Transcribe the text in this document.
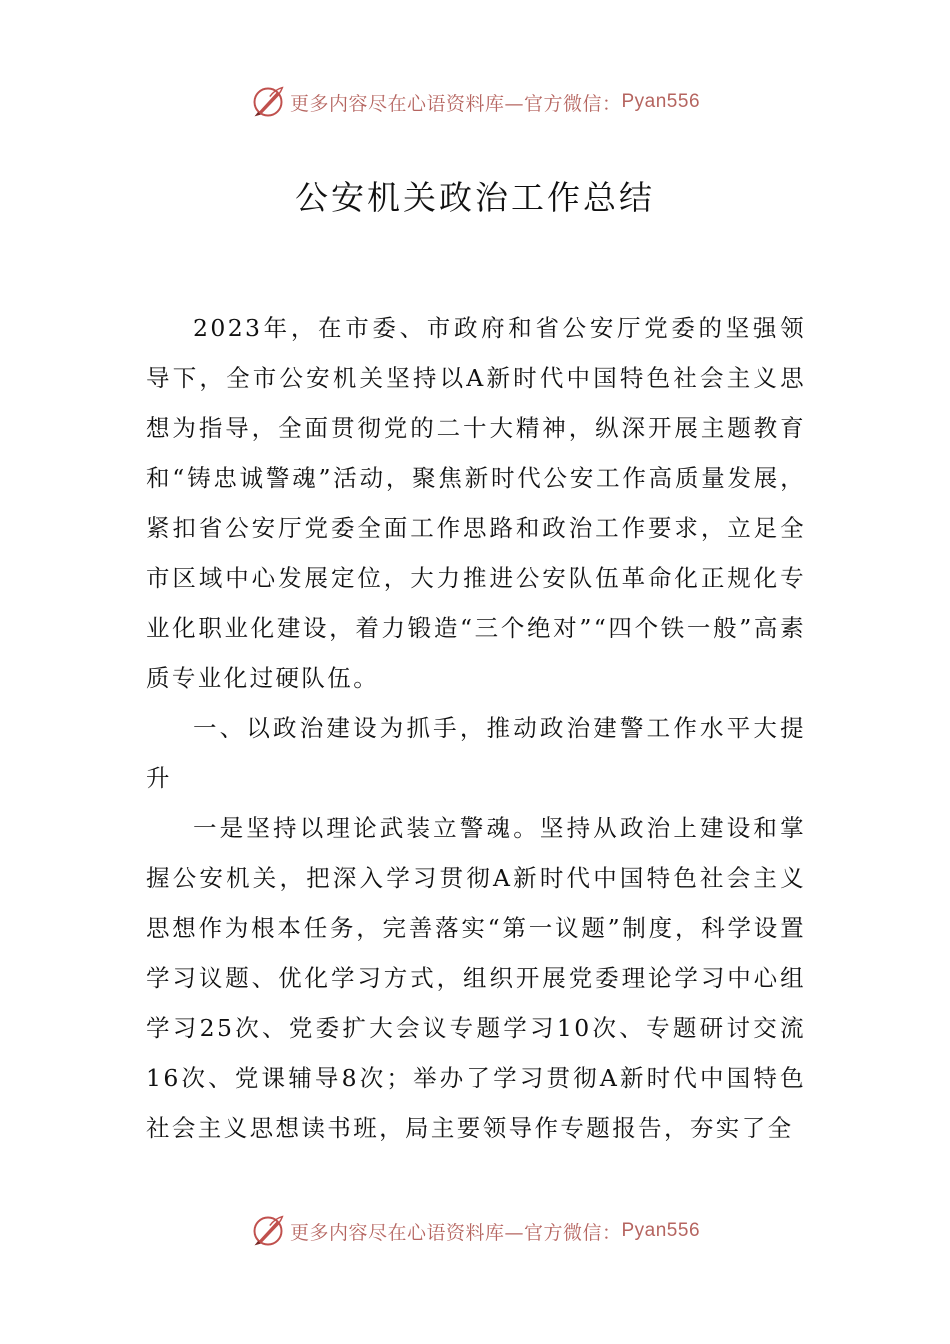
更多内容尽在心语资料库—官方微信： Pyan556
公安机关政治工作总结

2023年，在市委、市政府和省公安厅党委的坚强领导下，全市公安机关坚持以A新时代中国特色社会主义思想为指导，全面贯彻党的二十大精神，纵深开展主题教育和“铸忠诚警魂”活动，聚焦新时代公安工作高质量发展，紧扣省公安厅党委全面工作思路和政治工作要求，立足全市区域中心发展定位，大力推进公安队伍革命化正规化专业化职业化建设，着力锻造“三个绝对”“四个铁一般”高素质专业化过硬队伍。

一、以政治建设为抓手，推动政治建警工作水平大提升

一是坚持以理论武装立警魂。坚持从政治上建设和掌握公安机关，把深入学习贯彻A新时代中国特色社会主义思想作为根本任务，完善落实“第一议题”制度，科学设置学习议题、优化学习方式，组织开展党委理论学习中心组学习25次、党委扩大会议专题学习10次、专题研讨交流16次、党课辅导8次；举办了学习贯彻A新时代中国特色社会主义思想读书班，局主要领导作专题报告，夯实了全

更多内容尽在心语资料库—官方微信： Pyan556
